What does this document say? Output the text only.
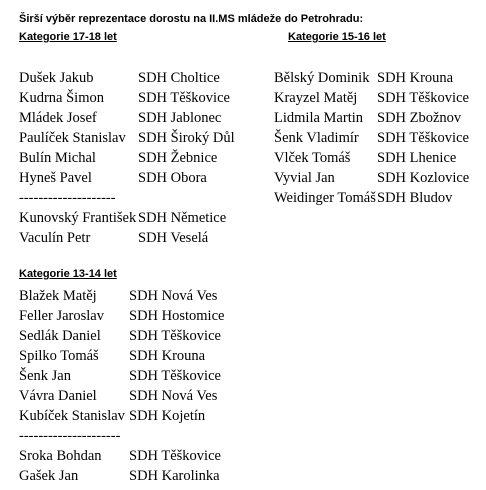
Širší výběr reprezentace dorostu na II.MS mládeže do Petrohradu:
Kategorie 17-18 let	Kategorie 15-16 let
Dušek Jakub	SDH Choltice
Kudrna Šimon SDH Těškovice
Mládek Josef	SDH Jablonec
Paulíček Stanislav SDH Široký Důl
Bulín Michal	SDH Žebnice
Hyneš Pavel	SDH Obora
--------------------
Kunovský František SDH Němetice
Vaculín Petr	SDH Veselá
Bělský Dominik SDH Krouna
Krayzel Matěj SDH Těškovice
Lidmila Martin SDH Zbožnov
Šenk Vladimír SDH Těškovice
Vlček Tomáš SDH Lhenice
Vyvial Jan	SDH Kozlovice
Weidinger Tomáš SDH Bludov
Kategorie 13-14 let
Blažek Matěj SDH Nová Ves
Feller Jaroslav SDH Hostomice
Sedlák Daniel SDH Těškovice
Spilko Tomáš SDH Krouna
Šenk Jan	SDH Těškovice
Vávra Daniel SDH Nová Ves
Kubíček Stanislav SDH Kojetín
---------------------
Sroka Bohdan SDH Těškovice
Gašek Jan	SDH Karolinka
